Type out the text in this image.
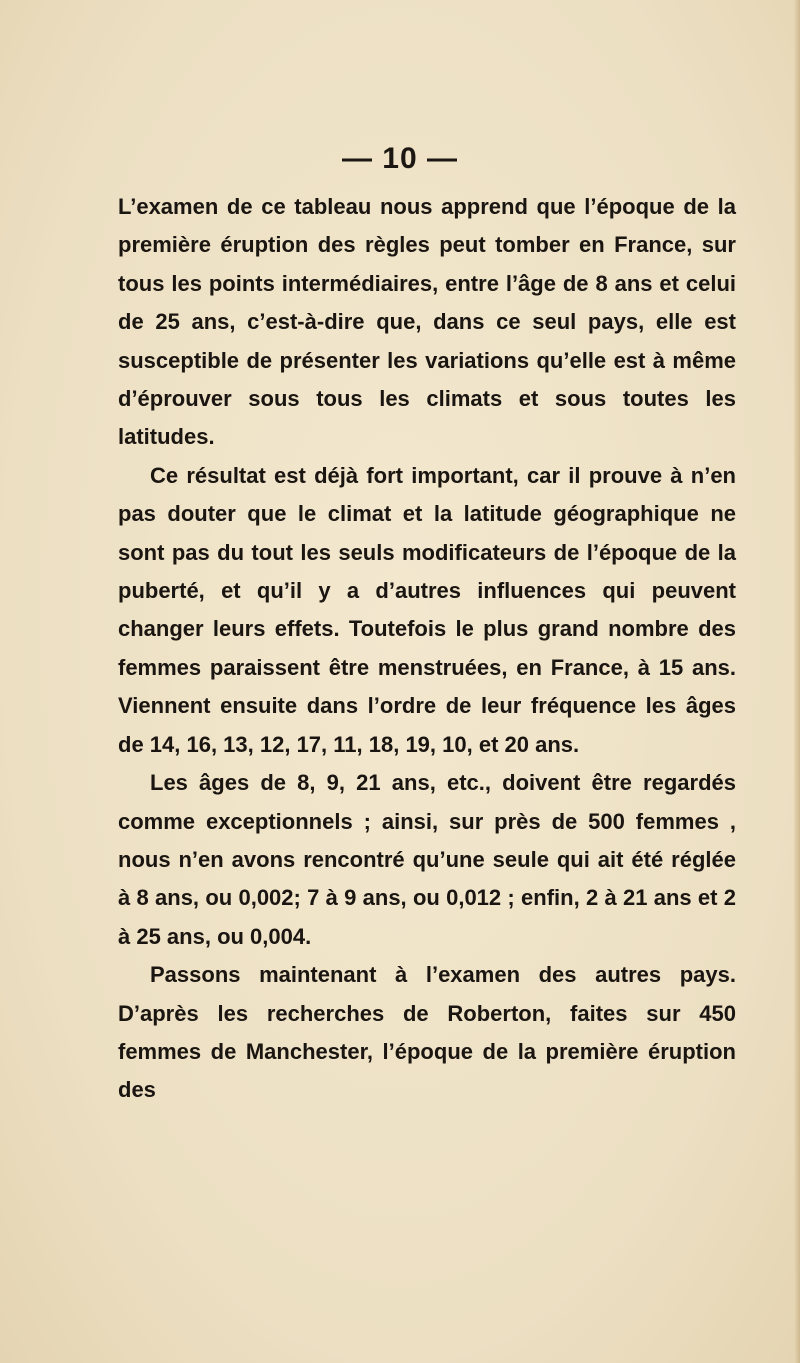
— 10 —

L’examen de ce tableau nous apprend que l’époque de la première éruption des règles peut tomber en France, sur tous les points intermédiaires, entre l’âge de 8 ans et celui de 25 ans, c’est-à-dire que, dans ce seul pays, elle est susceptible de présenter les variations qu’elle est à même d’éprouver sous tous les climats et sous toutes les latitudes.

Ce résultat est déjà fort important, car il prouve à n’en pas douter que le climat et la latitude géographique ne sont pas du tout les seuls modificateurs de l’époque de la puberté, et qu’il y a d’autres influences qui peuvent changer leurs effets. Toutefois le plus grand nombre des femmes paraissent être menstruées, en France, à 15 ans. Viennent ensuite dans l’ordre de leur fréquence les âges de 14, 16, 13, 12, 17, 11, 18, 19, 10, et 20 ans.

Les âges de 8, 9, 21 ans, etc., doivent être regardés comme exceptionnels ; ainsi, sur près de 500 femmes , nous n’en avons rencontré qu’une seule qui ait été réglée à 8 ans, ou 0,002; 7 à 9 ans, ou 0,012 ; enfin, 2 à 21 ans et 2 à 25 ans, ou 0,004.

Passons maintenant à l’examen des autres pays. D’après les recherches de Roberton, faites sur 450 femmes de Manchester, l’époque de la première éruption des
